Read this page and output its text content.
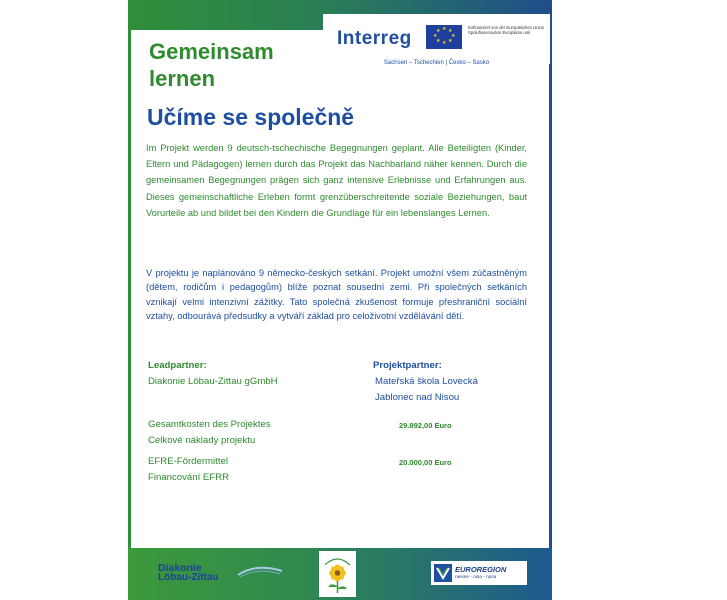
Interreg	★ ★
★
★
★
★
★
★
Kofinanziert von der Europäischen Union Spolufinancováno Evropskou unií
Sachsen – Tschechien | Česko – Sasko
Gemeinsam
lernen
Učíme se společně

Im Projekt werden 9 deutsch-tschechische Begegnungen geplant. Alle Beteiligten (Kinder, Eltern und Pädagogen) lernen durch das Projekt das Nachbarland näher kennen. Durch die gemeinsamen Begegnungen prägen sich ganz intensive Erlebnisse und Erfahrungen aus. Dieses gemeinschaftliche Erleben formt grenzüberschreitende soziale Beziehungen, baut Vorurteile ab und bildet bei den Kindern die Grundlage für ein lebenslanges Lernen.

V projektu je naplánováno 9 německo-českých setkání. Projekt umožní všem zúčastněným (dětem, rodičům i pedagogům) blíže poznat sousední zemi. Při společných setkáních vznikají velmi intenzivní zážitky. Tato společná zkušenost formuje přeshraniční sociální vztahy, odbourává předsudky a vytváří základ pro celoživotní vzdělávání dětí.

Leadpartner:
Diakonie Löbau-Zittau gGmbH
Projektpartner:
Mateřská škola Lovecká
Jablonec nad Nisou
Gesamtkosten des Projektes
Celkové náklady projektu
29.892,00 Euro
EFRE-Fördermittel
Financování EFRR
20.000,00 Euro
Diakonie
Löbau-Zittau
EUROREGION
neisse - nisa - nysa
